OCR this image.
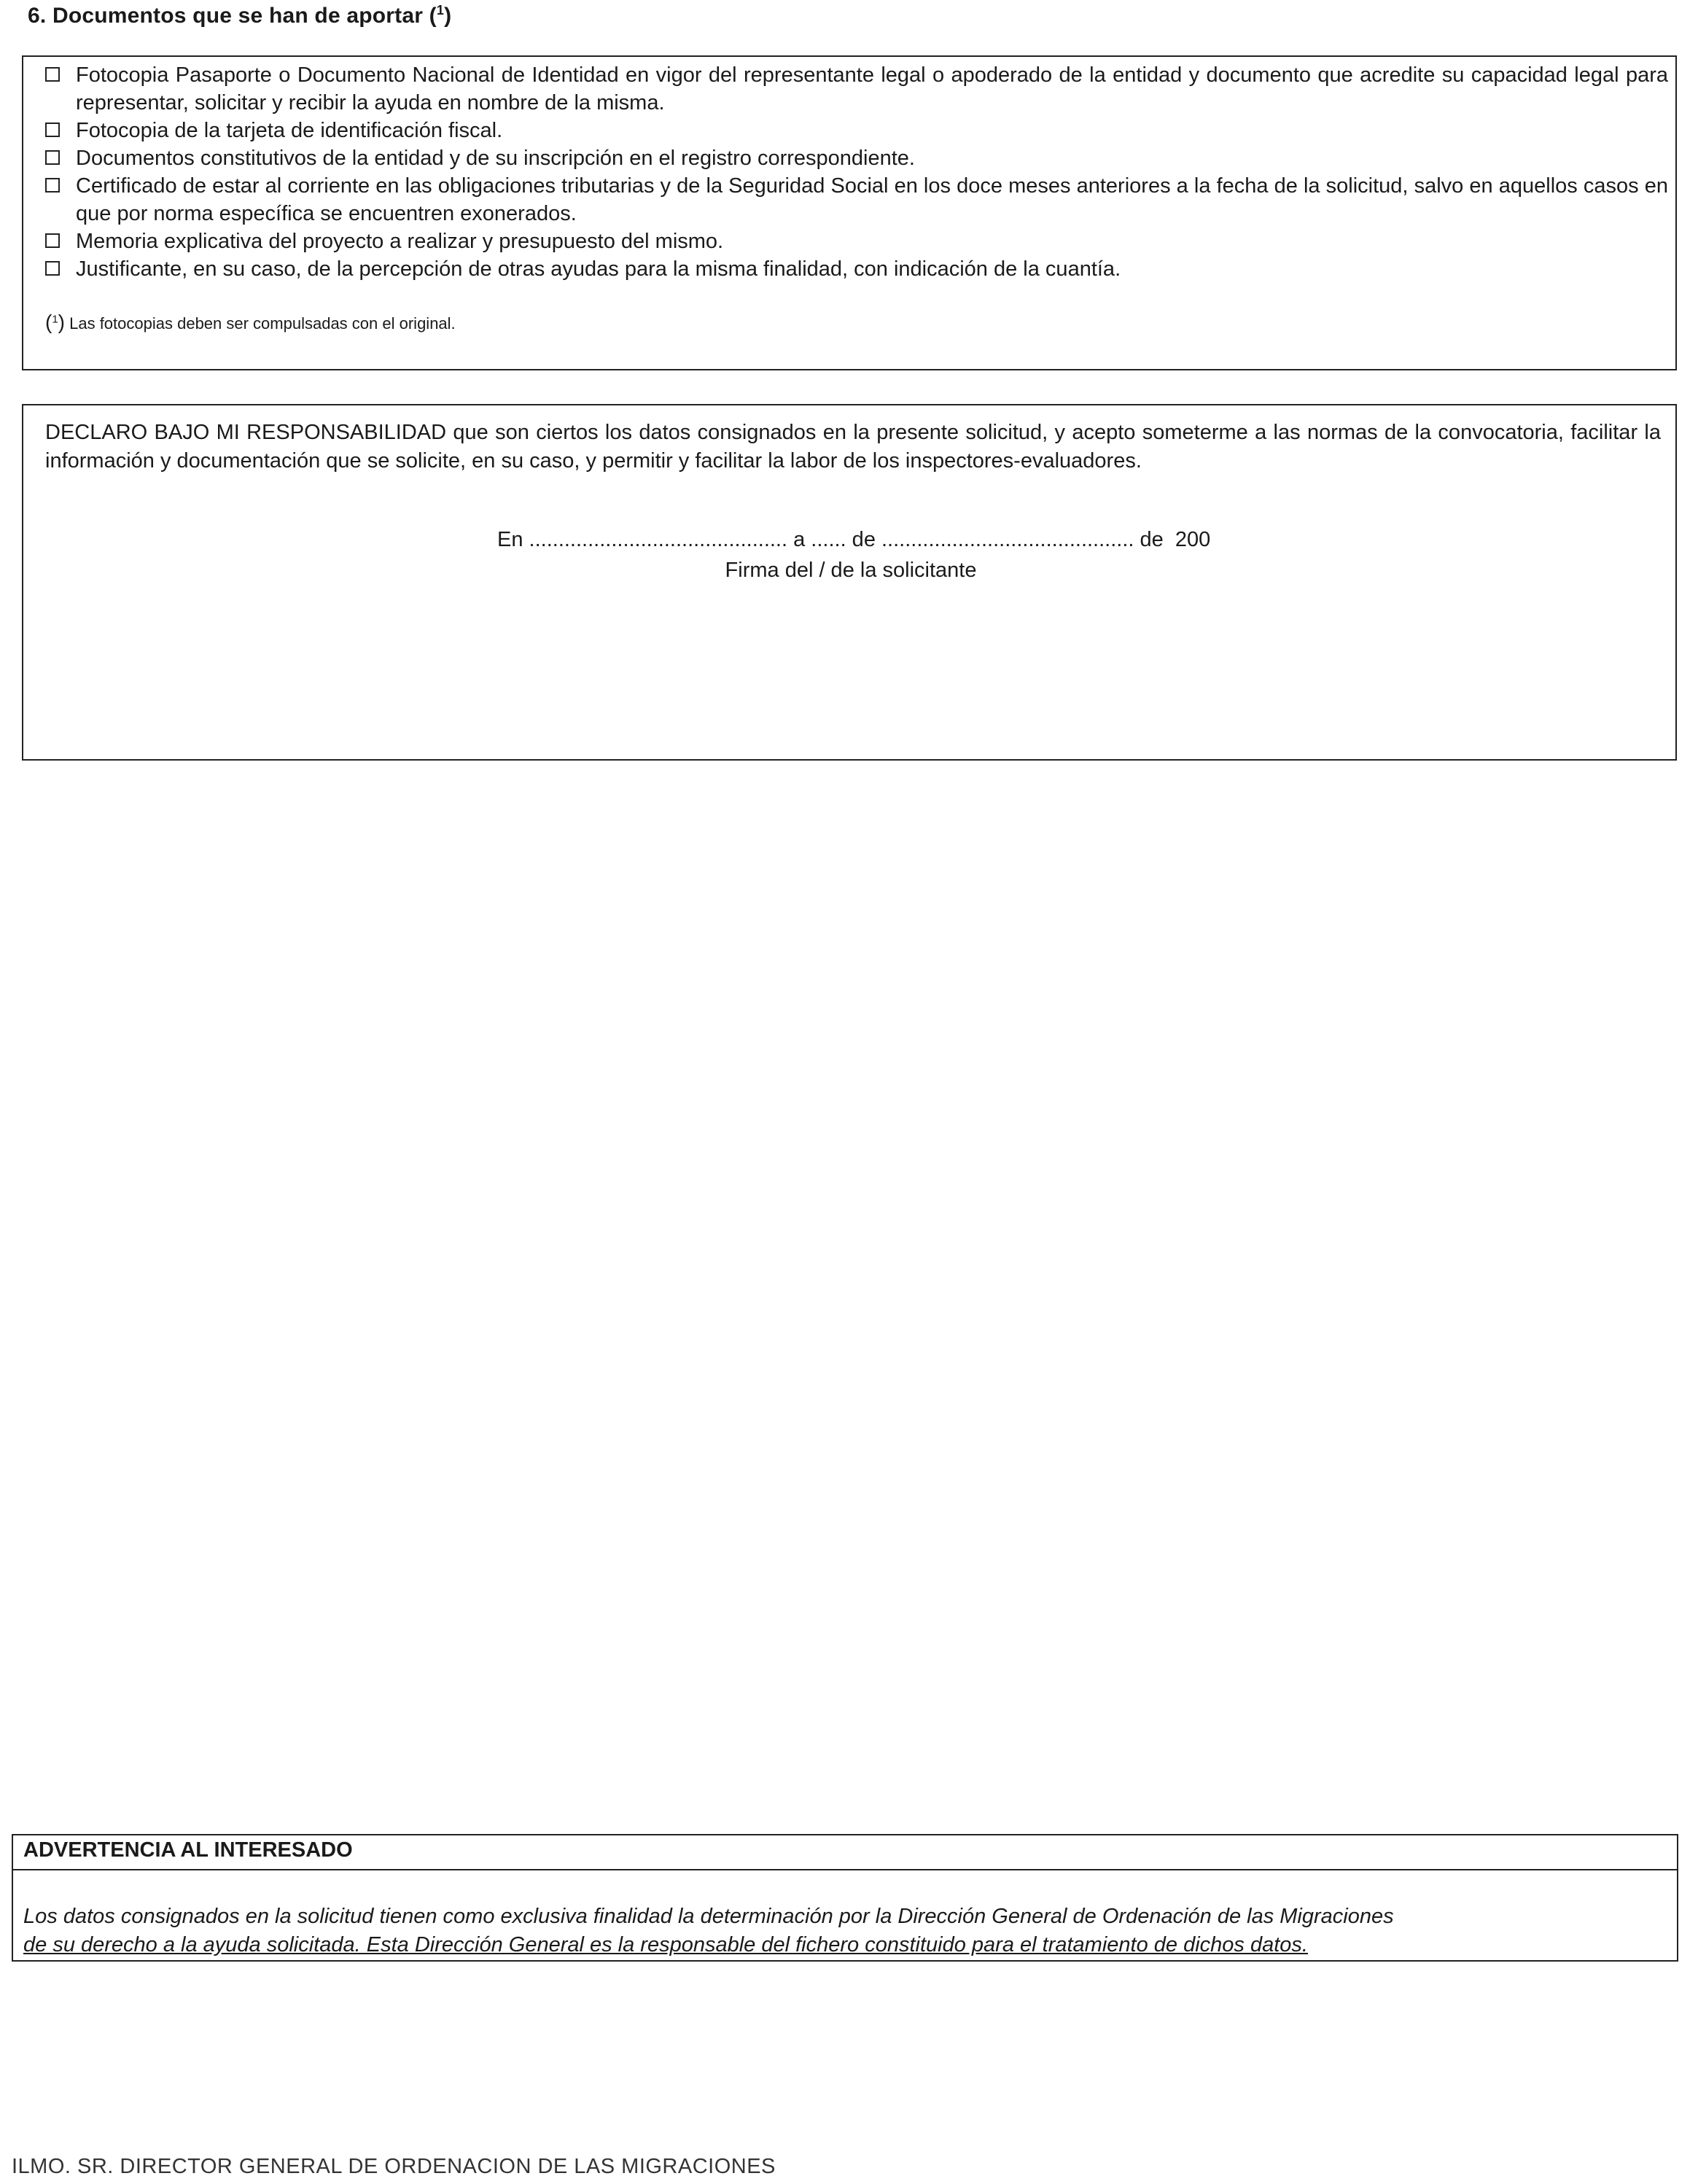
6. Documentos que se han de aportar ($^1$)
Fotocopia Pasaporte o Documento Nacional de Identidad en vigor del representante legal o apoderado de la entidad y documento que acredite su capacidad legal para representar, solicitar y recibir la ayuda en nombre de la misma.
Fotocopia de la tarjeta de identificación fiscal.
Documentos constitutivos de la entidad y de su inscripción en el registro correspondiente.
Certificado de estar al corriente en las obligaciones tributarias y de la Seguridad Social en los doce meses anteriores a la fecha de la solicitud, salvo en aquellos casos en que por norma específica se encuentren exonerados.
Memoria explicativa del proyecto a realizar y presupuesto del mismo.
Justificante, en su caso, de la percepción de otras ayudas para la misma finalidad, con indicación de la cuantía.
($^1$) Las fotocopias deben ser compulsadas con el original.
DECLARO BAJO MI RESPONSABILIDAD que son ciertos los datos consignados en la presente solicitud, y acepto someterme a las normas de la convocatoria, facilitar la información y documentación que se solicite, en su caso, y permitir y facilitar la labor de los inspectores-evaluadores.
En ............................................ a ...... de ........................................... de  200
Firma del / de la solicitante
ADVERTENCIA AL INTERESADO
Los datos consignados en la solicitud tienen como exclusiva finalidad la determinación por la Dirección General de Ordenación de las Migraciones
de su derecho a la ayuda solicitada. Esta Dirección General es la responsable del fichero constituido para el tratamiento de dichos datos.
ILMO. SR. DIRECTOR GENERAL DE ORDENACION DE LAS MIGRACIONES
